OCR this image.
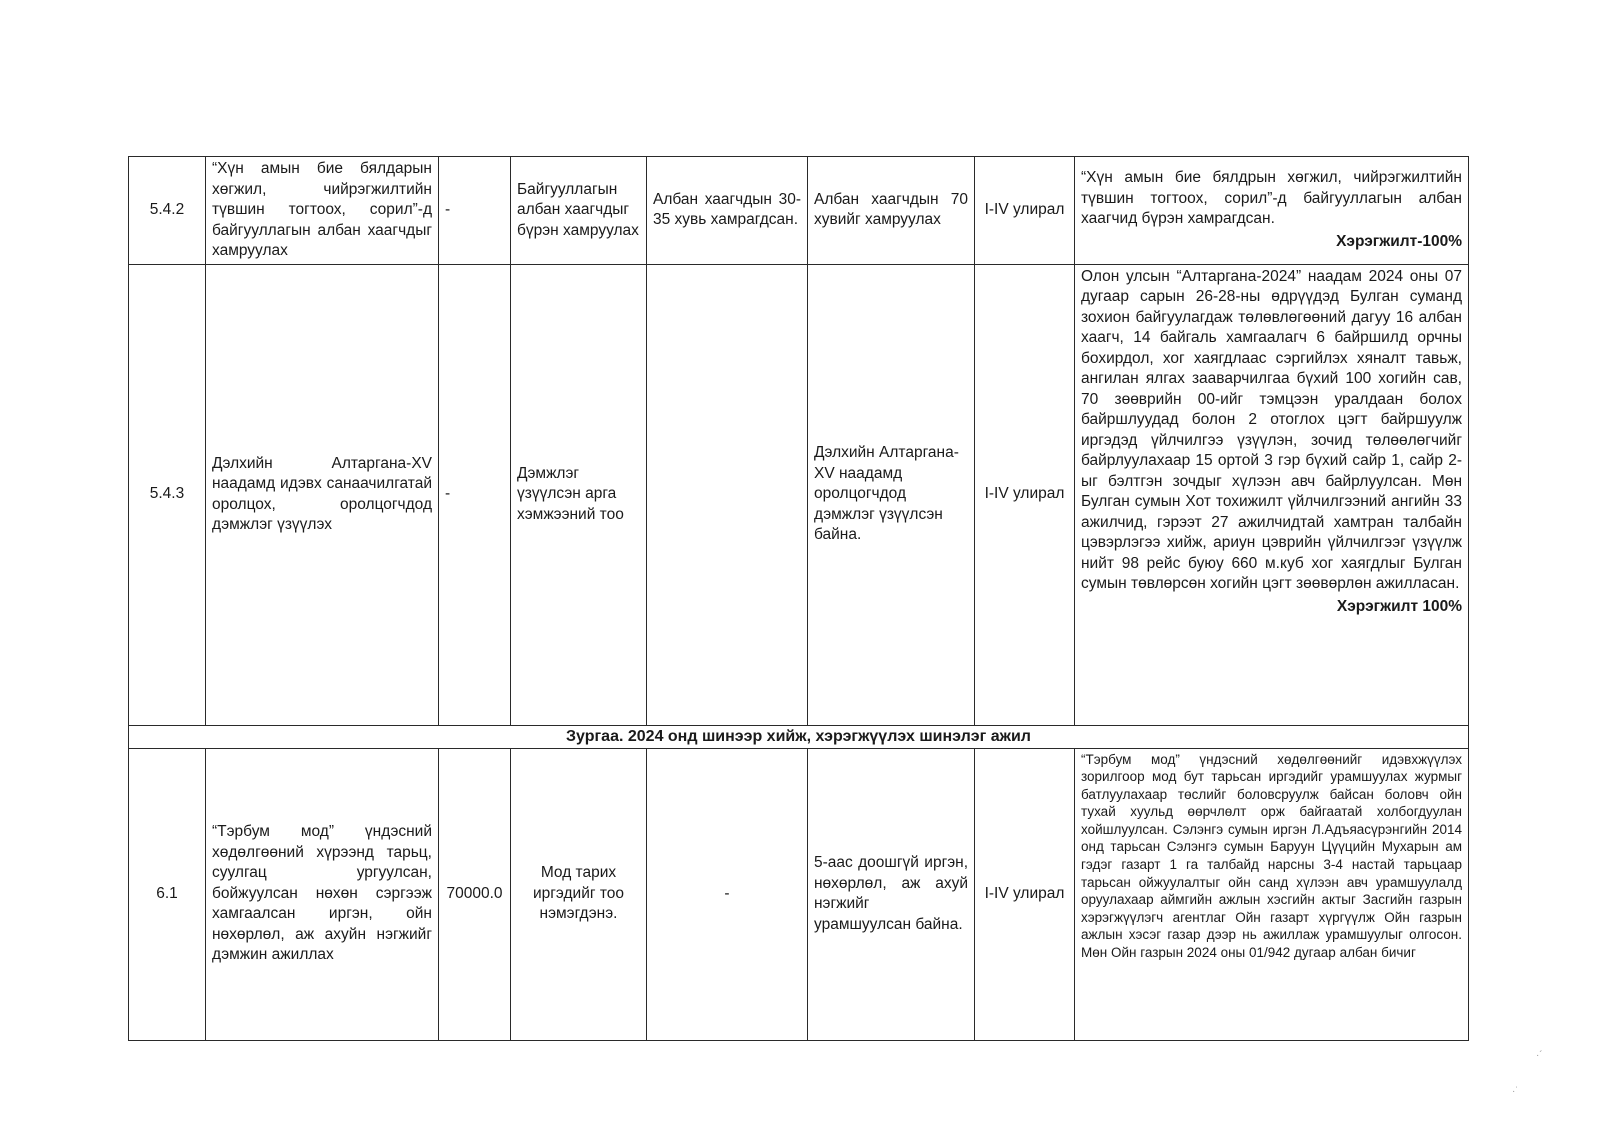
5.4.2	“Хүн амын биe бялдарын хөгжил, чийрэгжилтийн түвшин тогтоох, сорил”-д байгууллагын албан хаагчдыг хамруулах	-	Байгууллагын албан хаагчдыг бүрэн хамруулах	Албан хаагчдын 30-35 хувь хамрагдсан.	Албан хаагчдын 70 хувийг хамруулах	I-IV улирал	“Хүн амын бие бялдрын хөгжил, чийрэгжилтийн түвшин тогтоох, сорил”-д байгууллагын албан хаагчид бүрэн хамрагдсан.
Хэрэгжилт-100%

5.4.3	Дэлхийн Алтаргана-XV наадамд идэвх санаачилгатай оролцох, оролцогчдод дэмжлэг үзүүлэх	-	Дэмжлэг үзүүлсэн арга хэмжээний тоо		Дэлхийн Алтаргана-XV наадамд оролцогчдод дэмжлэг үзүүлсэн байна.	I-IV улирал	Олон улсын “Алтаргана-2024” наадам 2024 оны 07 дугаар сарын 26-28-ны өдрүүдэд Булган суманд зохион байгуулагдаж төлөвлөгөөний дагуу 16 албан хаагч, 14 байгаль хамгаалагч 6 байршилд орчны бохирдол, хог хаягдлаас сэргийлэх хяналт тавьж, ангилан ялгах зааварчилгаа бүхий 100 хогийн сав, 70 зөөврийн 00-ийг тэмцээн уралдаан болох байршлуудад болон 2 отоглох цэгт байршуулж иргэдэд үйлчилгээ үзүүлэн, зочид төлөөлөгчийг байрлуулахаар 15 ортой 3 гэр бүхий сайр 1, сайр 2-ыг бэлтгэн зочдыг хүлээн авч байрлуулсан. Мөн Булган сумын Хот тохижилт үйлчилгээний ангийн 33 ажилчид, гэрээт 27 ажилчидтай хамтран талбайн цэвэрлэгээ хийж, ариун цэврийн үйлчилгээг үзүүлж нийт 98 рейс буюу 660 м.куб хог хаягдлыг Булган сумын төвлөрсөн хогийн цэгт зөөвөрлөн ажилласан.
Хэрэгжилт 100%

Зургаа. 2024 онд шинээр хийж, хэрэгжүүлэх шинэлэг ажил							
6.1	“Тэрбум мод” үндэсний хөдөлгөөний хүрээнд тарьц, суулгац ургуулсан, бойжуулсан нөхөн сэргээж хамгаалсан иргэн, ойн нөхөрлөл, аж ахуйн нэгжийг дэмжин ажиллах	70000.0	Мод тарих иргэдийг тоо нэмэгдэнэ.	-	5-аас доошгүй иргэн, нөхөрлөл, аж ахуй нэгжийг урамшуулсан байна.	I-IV улирал	“Тэрбум мод” үндэсний хөдөлгөөнийг идэвхжүүлэх зорилгоор мод бут тарьсан иргэдийг урамшуулах журмыг батлуулахаар төслийг боловсруулж байсан боловч ойн тухай хуульд өөрчлөлт орж байгаатай холбогдуулан хойшлуулсан. Сэлэнгэ сумын иргэн Л.Адъяасүрэнгийн 2014 онд тарьсан Сэлэнгэ сумын Баруун Цүүцийн Мухарын ам гэдэг газарт 1 га талбайд нарсны 3-4 настай тарьцаар тарьсан ойжуулалтыг ойн санд хүлээн авч урамшуулалд оруулахаар аймгийн ажлын хэсгийн актыг Засгийн газрын хэрэгжүүлэгч агентлаг Ойн газарт хүргүүлж Ойн газрын ажлын хэсэг газар дээр нь ажиллаж урамшуулыг олгосон. Мөн Ойн газрын 2024 оны 01/942 дугаар албан бичиг
·´
·˙
